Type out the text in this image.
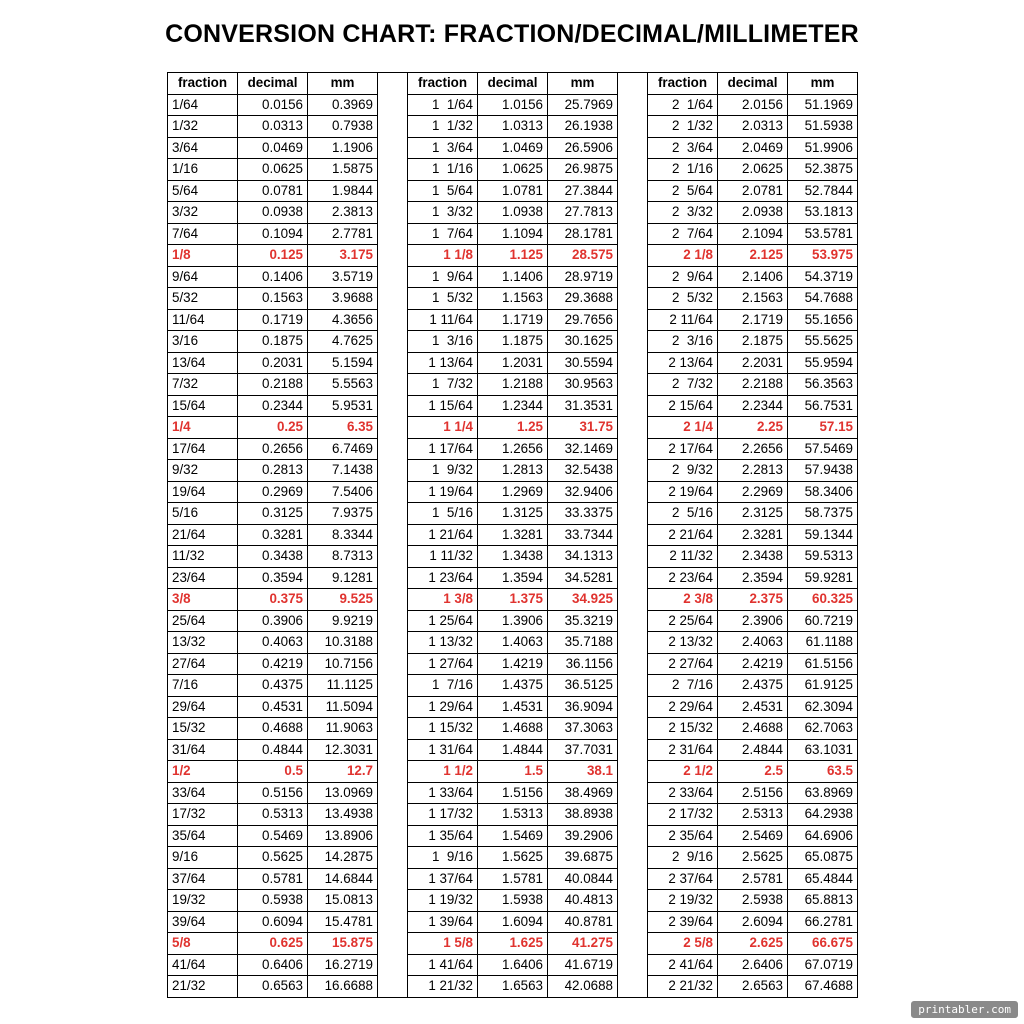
CONVERSION CHART: FRACTION/DECIMAL/MILLIMETER
fraction	decimal	mm		fraction	decimal	mm		fraction	decimal	mm
1/64	0.0156	0.3969		1  1/64	1.0156	25.7969		2  1/64	2.0156	51.1969
1/32	0.0313	0.7938		1  1/32	1.0313	26.1938		2  1/32	2.0313	51.5938
3/64	0.0469	1.1906		1  3/64	1.0469	26.5906		2  3/64	2.0469	51.9906
1/16	0.0625	1.5875		1  1/16	1.0625	26.9875		2  1/16	2.0625	52.3875
5/64	0.0781	1.9844		1  5/64	1.0781	27.3844		2  5/64	2.0781	52.7844
3/32	0.0938	2.3813		1  3/32	1.0938	27.7813		2  3/32	2.0938	53.1813
7/64	0.1094	2.7781		1  7/64	1.1094	28.1781		2  7/64	2.1094	53.5781
1/8	0.125	3.175		1 1/8	1.125	28.575		2 1/8	2.125	53.975
9/64	0.1406	3.5719		1  9/64	1.1406	28.9719		2  9/64	2.1406	54.3719
5/32	0.1563	3.9688		1  5/32	1.1563	29.3688		2  5/32	2.1563	54.7688
11/64	0.1719	4.3656		1 11/64	1.1719	29.7656		2 11/64	2.1719	55.1656
3/16	0.1875	4.7625		1  3/16	1.1875	30.1625		2  3/16	2.1875	55.5625
13/64	0.2031	5.1594		1 13/64	1.2031	30.5594		2 13/64	2.2031	55.9594
7/32	0.2188	5.5563		1  7/32	1.2188	30.9563		2  7/32	2.2188	56.3563
15/64	0.2344	5.9531		1 15/64	1.2344	31.3531		2 15/64	2.2344	56.7531
1/4	0.25	6.35		1 1/4	1.25	31.75		2 1/4	2.25	57.15
17/64	0.2656	6.7469		1 17/64	1.2656	32.1469		2 17/64	2.2656	57.5469
9/32	0.2813	7.1438		1  9/32	1.2813	32.5438		2  9/32	2.2813	57.9438
19/64	0.2969	7.5406		1 19/64	1.2969	32.9406		2 19/64	2.2969	58.3406
5/16	0.3125	7.9375		1  5/16	1.3125	33.3375		2  5/16	2.3125	58.7375
21/64	0.3281	8.3344		1 21/64	1.3281	33.7344		2 21/64	2.3281	59.1344
11/32	0.3438	8.7313		1 11/32	1.3438	34.1313		2 11/32	2.3438	59.5313
23/64	0.3594	9.1281		1 23/64	1.3594	34.5281		2 23/64	2.3594	59.9281
3/8	0.375	9.525		1 3/8	1.375	34.925		2 3/8	2.375	60.325
25/64	0.3906	9.9219		1 25/64	1.3906	35.3219		2 25/64	2.3906	60.7219
13/32	0.4063	10.3188		1 13/32	1.4063	35.7188		2 13/32	2.4063	61.1188
27/64	0.4219	10.7156		1 27/64	1.4219	36.1156		2 27/64	2.4219	61.5156
7/16	0.4375	11.1125		1  7/16	1.4375	36.5125		2  7/16	2.4375	61.9125
29/64	0.4531	11.5094		1 29/64	1.4531	36.9094		2 29/64	2.4531	62.3094
15/32	0.4688	11.9063		1 15/32	1.4688	37.3063		2 15/32	2.4688	62.7063
31/64	0.4844	12.3031		1 31/64	1.4844	37.7031		2 31/64	2.4844	63.1031
1/2	0.5	12.7		1 1/2	1.5	38.1		2 1/2	2.5	63.5
33/64	0.5156	13.0969		1 33/64	1.5156	38.4969		2 33/64	2.5156	63.8969
17/32	0.5313	13.4938		1 17/32	1.5313	38.8938		2 17/32	2.5313	64.2938
35/64	0.5469	13.8906		1 35/64	1.5469	39.2906		2 35/64	2.5469	64.6906
9/16	0.5625	14.2875		1  9/16	1.5625	39.6875		2  9/16	2.5625	65.0875
37/64	0.5781	14.6844		1 37/64	1.5781	40.0844		2 37/64	2.5781	65.4844
19/32	0.5938	15.0813		1 19/32	1.5938	40.4813		2 19/32	2.5938	65.8813
39/64	0.6094	15.4781		1 39/64	1.6094	40.8781		2 39/64	2.6094	66.2781
5/8	0.625	15.875		1 5/8	1.625	41.275		2 5/8	2.625	66.675
41/64	0.6406	16.2719		1 41/64	1.6406	41.6719		2 41/64	2.6406	67.0719
21/32	0.6563	16.6688		1 21/32	1.6563	42.0688		2 21/32	2.6563	67.4688
printabler.com
